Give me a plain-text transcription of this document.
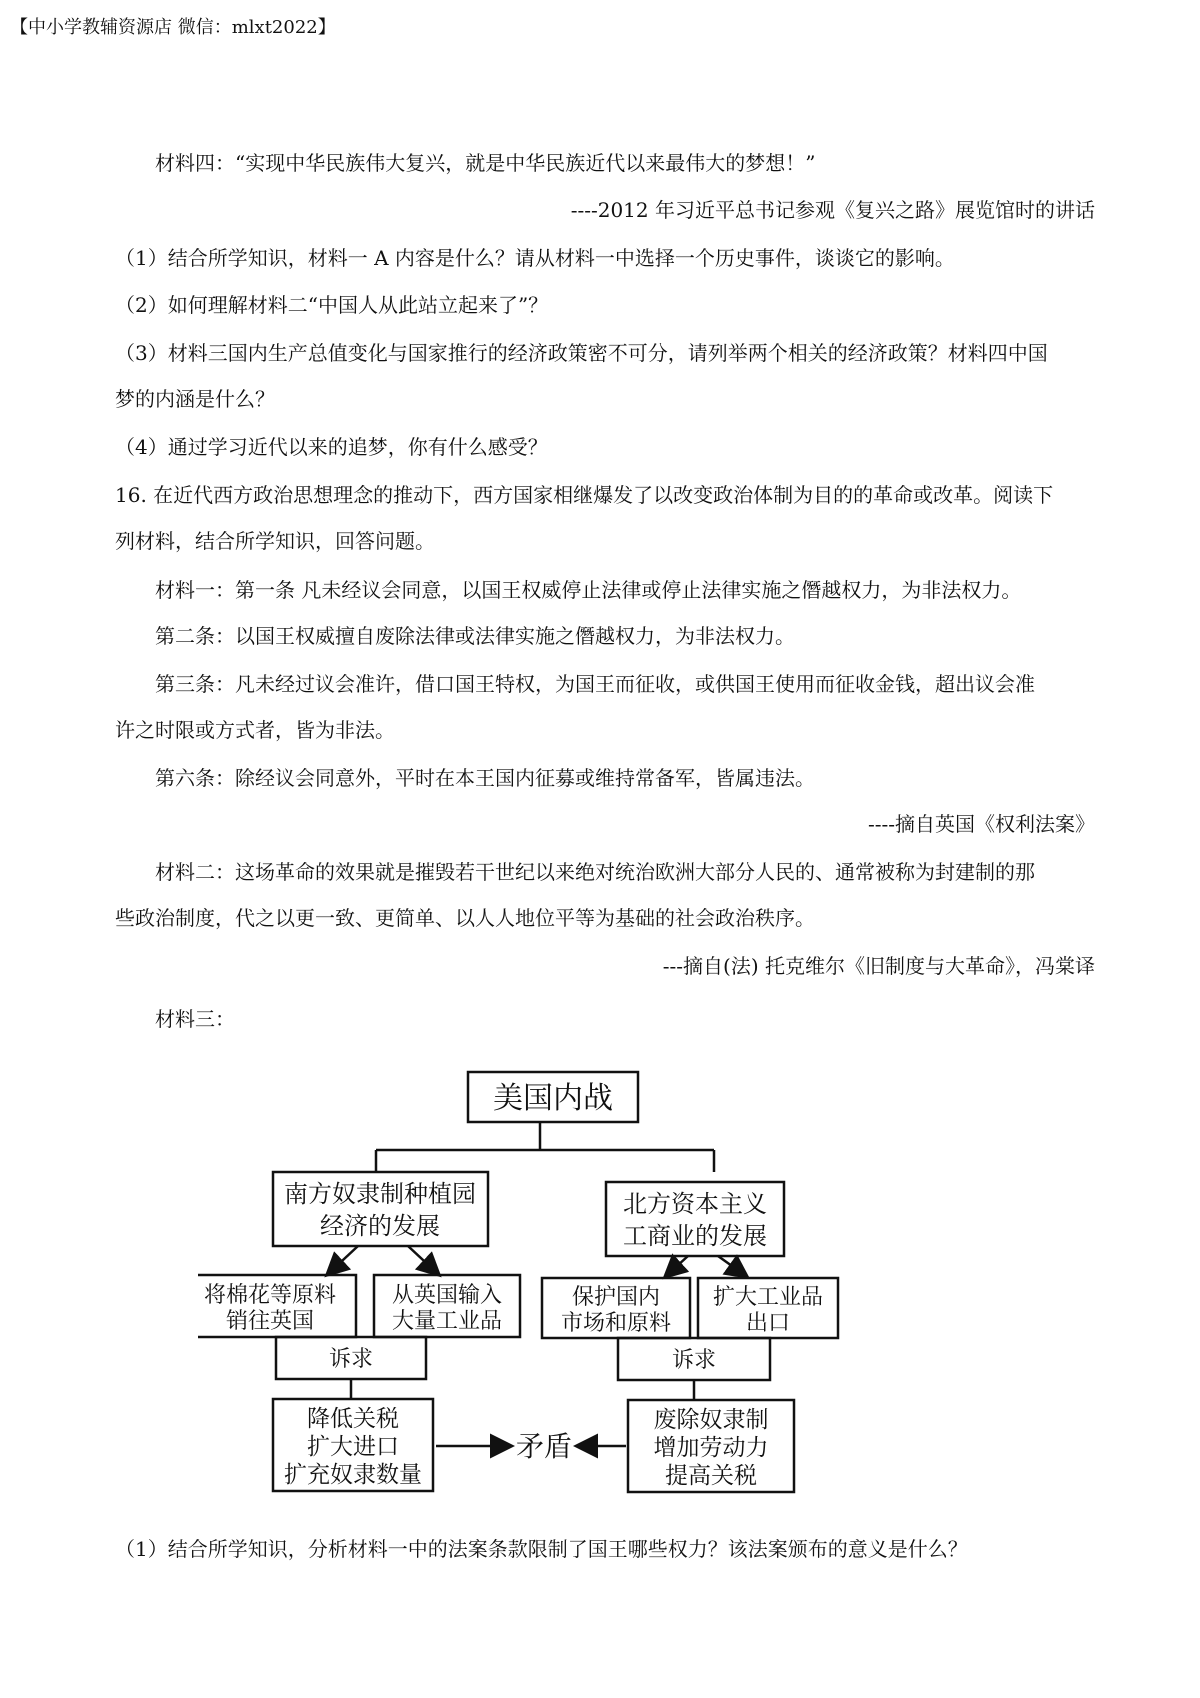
【中小学教辅资源店 微信：mlxt2022】
材料四：“实现中华民族伟大复兴，就是中华民族近代以来最伟大的梦想！”
----2012 年习近平总书记参观《复兴之路》展览馆时的讲话
（1）结合所学知识，材料一 A 内容是什么？请从材料一中选择一个历史事件，谈谈它的影响。
（2）如何理解材料二“中国人从此站立起来了”？
（3）材料三国内生产总值变化与国家推行的经济政策密不可分，请列举两个相关的经济政策？材料四中国
梦的内涵是什么？
（4）通过学习近代以来的追梦，你有什么感受？
16. 在近代西方政治思想理念的推动下，西方国家相继爆发了以改变政治体制为目的的革命或改革。阅读下
列材料，结合所学知识，回答问题。
材料一：第一条 凡未经议会同意，以国王权威停止法律或停止法律实施之僭越权力，为非法权力。
第二条：以国王权威擅自废除法律或法律实施之僭越权力，为非法权力。
第三条：凡未经过议会准许，借口国王特权，为国王而征收，或供国王使用而征收金钱，超出议会准
许之时限或方式者，皆为非法。
第六条：除经议会同意外，平时在本王国内征募或维持常备军，皆属违法。
----摘自英国《权利法案》
材料二：这场革命的效果就是摧毁若干世纪以来绝对统治欧洲大部分人民的、通常被称为封建制的那
些政治制度，代之以更一致、更简单、以人人地位平等为基础的社会政治秩序。
---摘自(法) 托克维尔《旧制度与大革命》，冯棠译
材料三：
美国内战
南方奴隶制种植园
经济的发展
北方资本主义
工商业的发展
将棉花等原料
销往英国
从英国输入
大量工业品
保护国内
市场和原料
扩大工业品
出口
诉求	诉求
降低关税
扩大进口
扩充奴隶数量
废除奴隶制
增加劳动力
提高关税
矛盾
（1）结合所学知识，分析材料一中的法案条款限制了国王哪些权力？该法案颁布的意义是什么？
